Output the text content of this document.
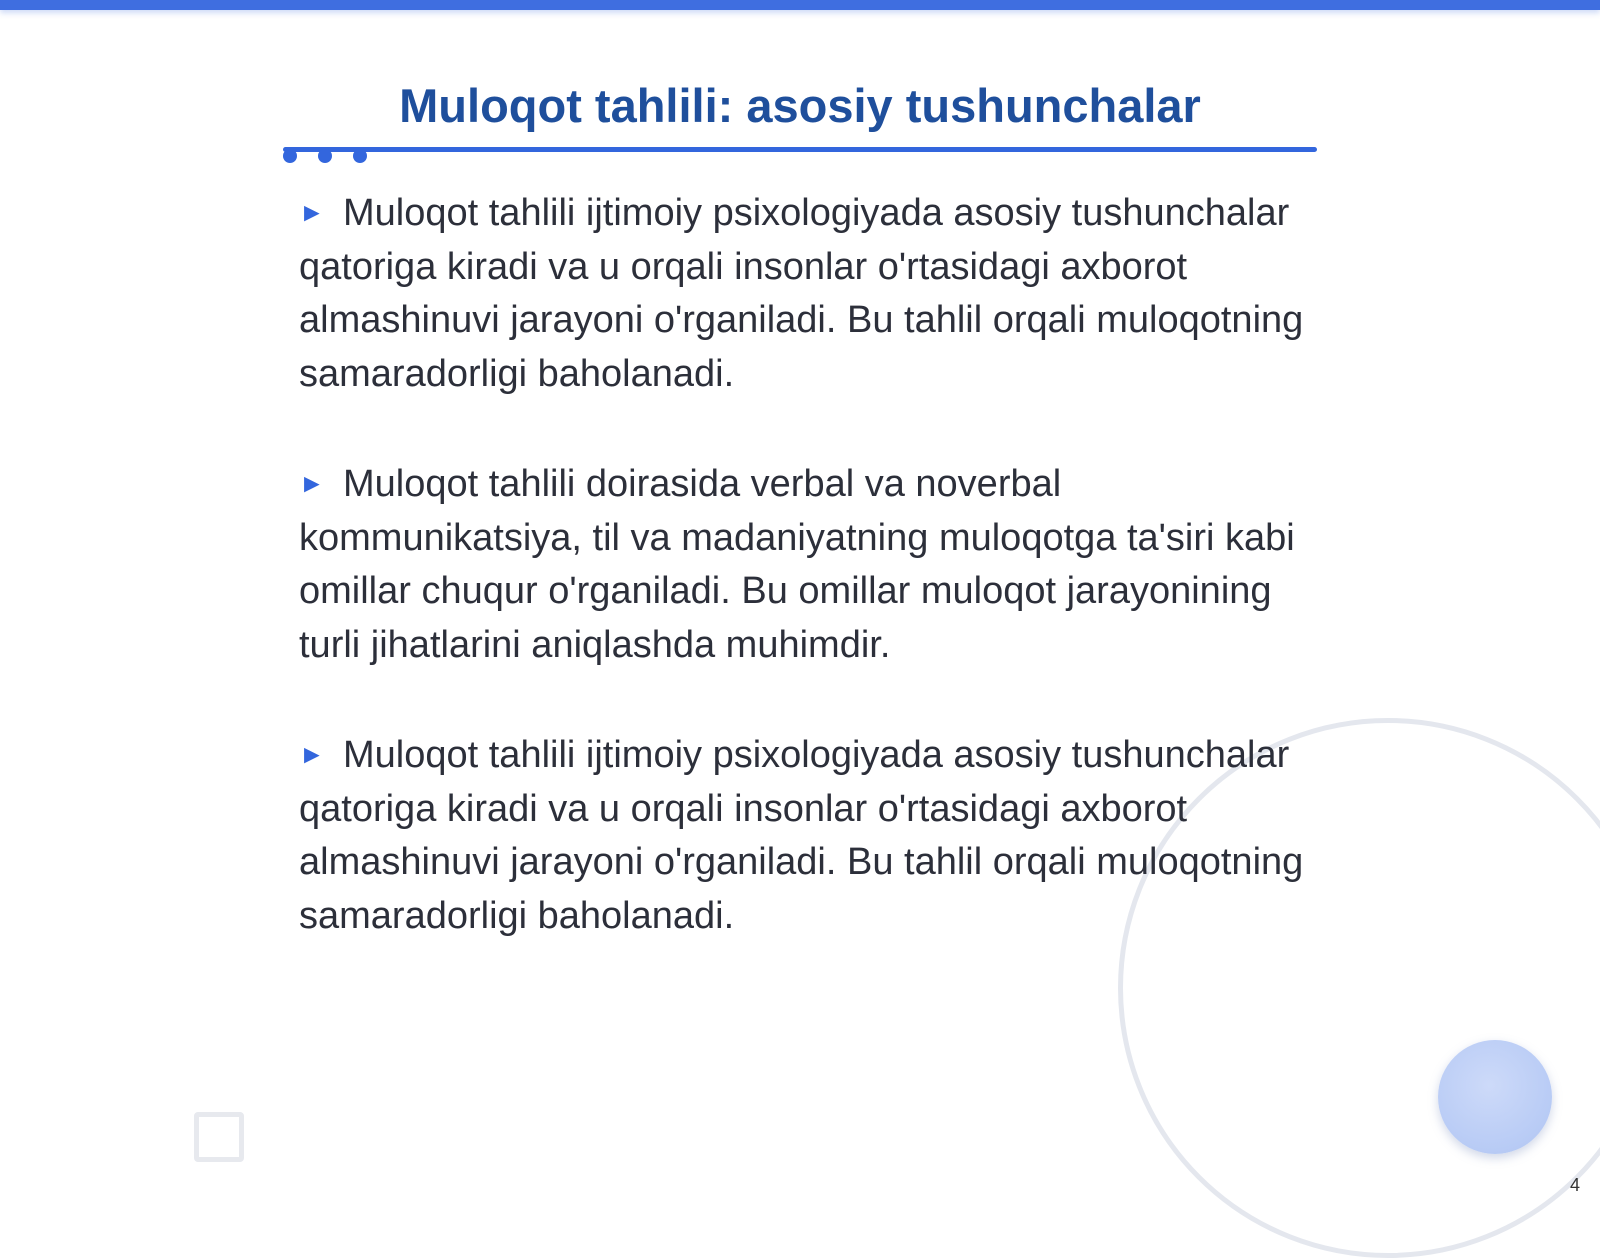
Muloqot tahlili: asosiy tushunchalar

► Muloqot tahlili ijtimoiy psixologiyada asosiy tushunchalar qatoriga kiradi va u orqali insonlar o'rtasidagi axborot almashinuvi jarayoni o'rganiladi. Bu tahlil orqali muloqotning samaradorligi baholanadi.

► Muloqot tahlili doirasida verbal va noverbal kommunikatsiya, til va madaniyatning muloqotga ta'siri kabi omillar chuqur o'rganiladi. Bu omillar muloqot jarayonining turli jihatlarini aniqlashda muhimdir.

► Muloqot tahlili ijtimoiy psixologiyada asosiy tushunchalar qatoriga kiradi va u orqali insonlar o'rtasidagi axborot almashinuvi jarayoni o'rganiladi. Bu tahlil orqali muloqotning samaradorligi baholanadi.

4
